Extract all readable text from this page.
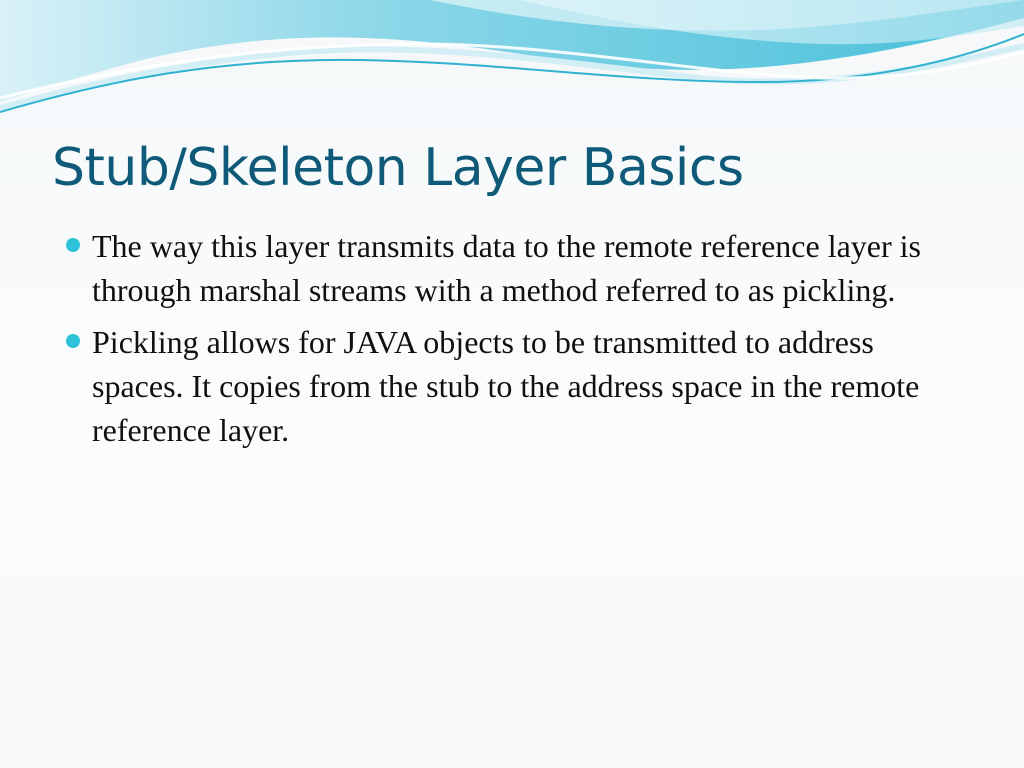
Stub/Skeleton Layer Basics
The way this layer transmits data to the remote reference layer is through marshal streams with a method referred to as pickling.
Pickling allows for JAVA objects to be transmitted to address spaces. It copies from the stub to the address space in the remote reference layer.
